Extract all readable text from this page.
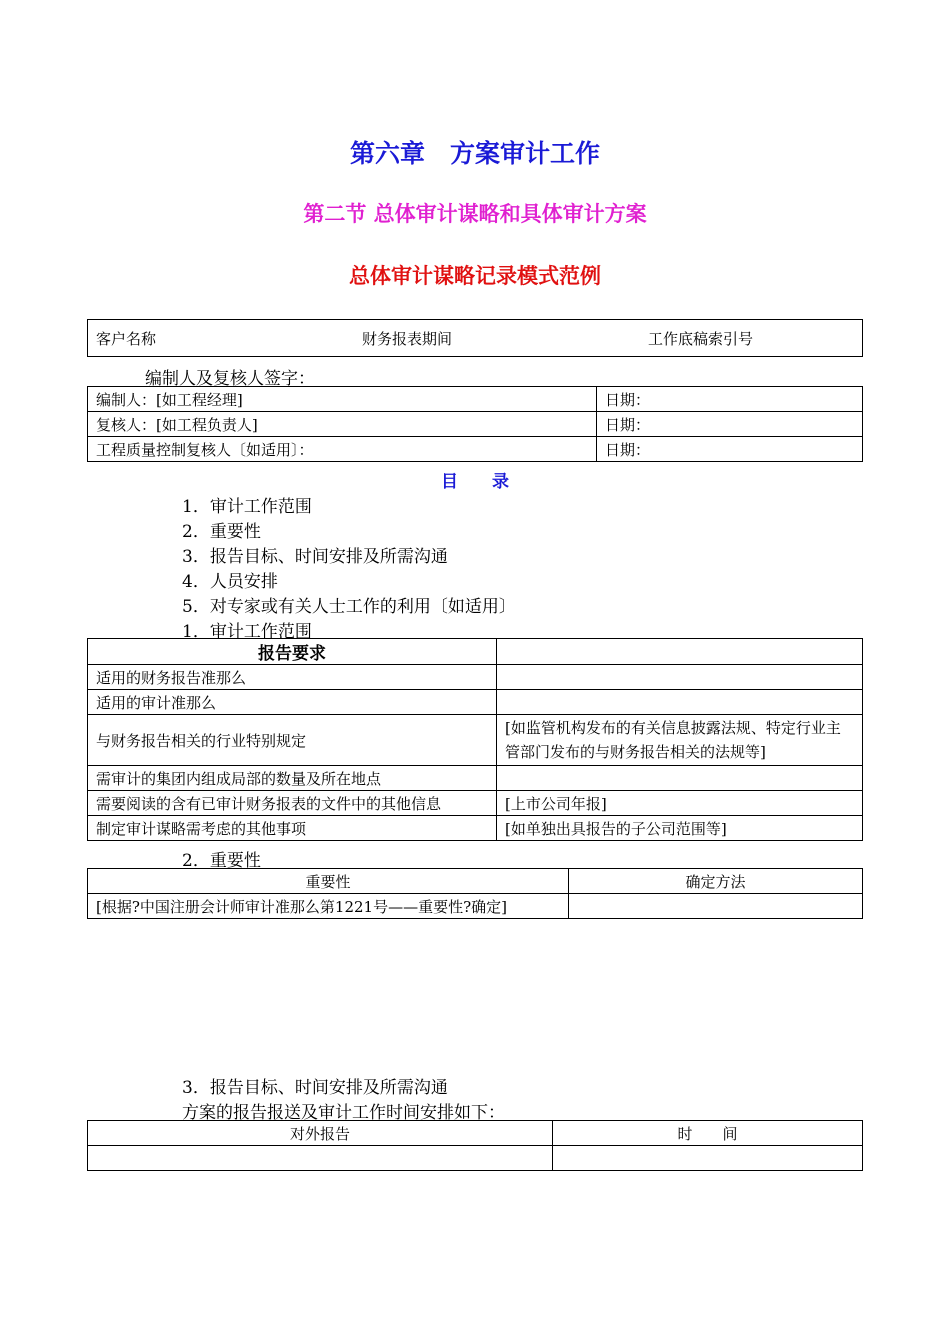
第六章　方案审计工作
第二节 总体审计谋略和具体审计方案
总体审计谋略记录模式范例
客户名称	财务报表期间	工作底稿索引号
编制人及复核人签字：
编制人：[如工程经理]	日期：
复核人：[如工程负责人]	日期：
工程质量控制复核人〔如适用〕：	日期：
目　　录
1．审计工作范围
2．重要性
3．报告目标、时间安排及所需沟通
4．人员安排
5．对专家或有关人士工作的利用〔如适用〕
1．审计工作范围
报告要求	
适用的财务报告准那么	
适用的审计准那么	
与财务报告相关的行业特别规定	[如监管机构发布的有关信息披露法规、特定行业主管部门发布的与财务报告相关的法规等]
需审计的集团内组成局部的数量及所在地点	
需要阅读的含有已审计财务报表的文件中的其他信息	[上市公司年报]
制定审计谋略需考虑的其他事项	[如单独出具报告的子公司范围等]
2．重要性
重要性	确定方法
[根据?中国注册会计师审计准那么第1221号——重要性?确定]	
3．报告目标、时间安排及所需沟通
方案的报告报送及审计工作时间安排如下：
对外报告	时　　间
